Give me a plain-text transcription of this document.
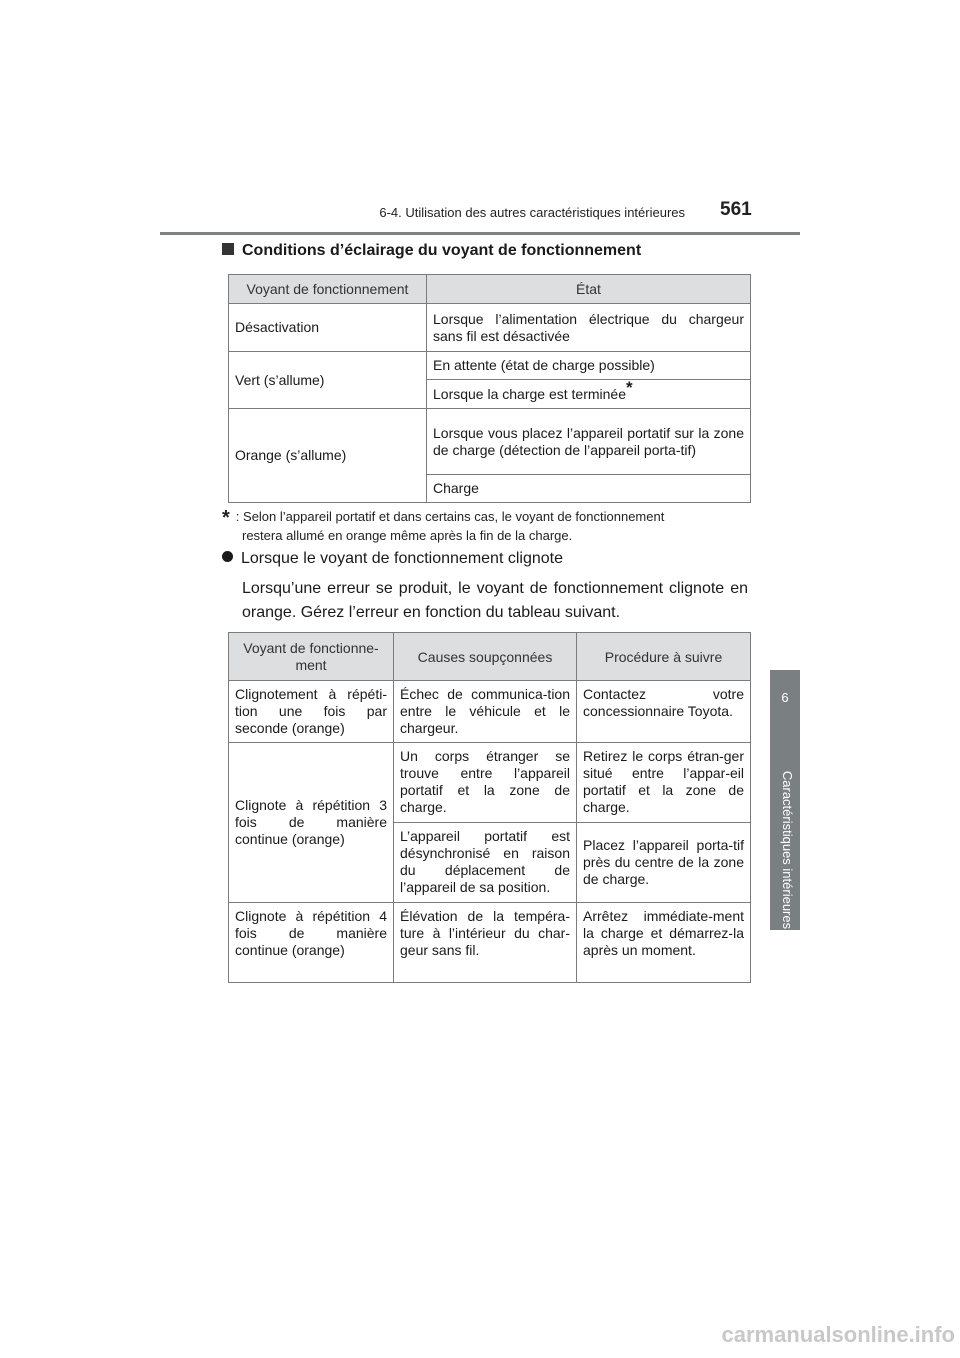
6-4. Utilisation des autres caractéristiques intérieures 561
6
Caractéristiques intérieures
Conditions d’éclairage du voyant de fonctionnement
Voyant de fonctionnement	État
Désactivation	Lorsque l’alimentation électrique du chargeur sans fil est désactivée
Vert (s’allume)	En attente (état de charge possible)
	Lorsque la charge est terminée*
Orange (s’allume)	Lorsque vous placez l’appareil portatif sur la zone de charge (détection de l’appareil porta-tif)
	Charge
* : Selon l’appareil portatif et dans certains cas, le voyant de fonctionnement
restera allumé en orange même après la fin de la charge.
Lorsque le voyant de fonctionnement clignote
Lorsqu’une erreur se produit, le voyant de fonctionnement clignote en orange. Gérez l’erreur en fonction du tableau suivant.
Voyant de fonctionne-ment	Causes soupçonnées	Procédure à suivre
Clignotement à répéti-tion une fois par seconde (orange)	Échec de communica-tion entre le véhicule et le chargeur.	Contactez votre concessionnaire Toyota.
Clignote à répétition 3 fois de manière continue (orange)	Un corps étranger se trouve entre l’appareil portatif et la zone de charge.	Retirez le corps étran-ger situé entre l’appar-eil portatif et la zone de charge.
	L’appareil portatif est désynchronisé en raison du déplacement de l’appareil de sa position.	Placez l’appareil porta-tif près du centre de la zone de charge.
Clignote à répétition 4 fois de manière continue (orange)	Élévation de la tempéra-ture à l’intérieur du char-geur sans fil.	Arrêtez immédiate-ment la charge et démarrez-la après un moment.
carmanualsonline.info
